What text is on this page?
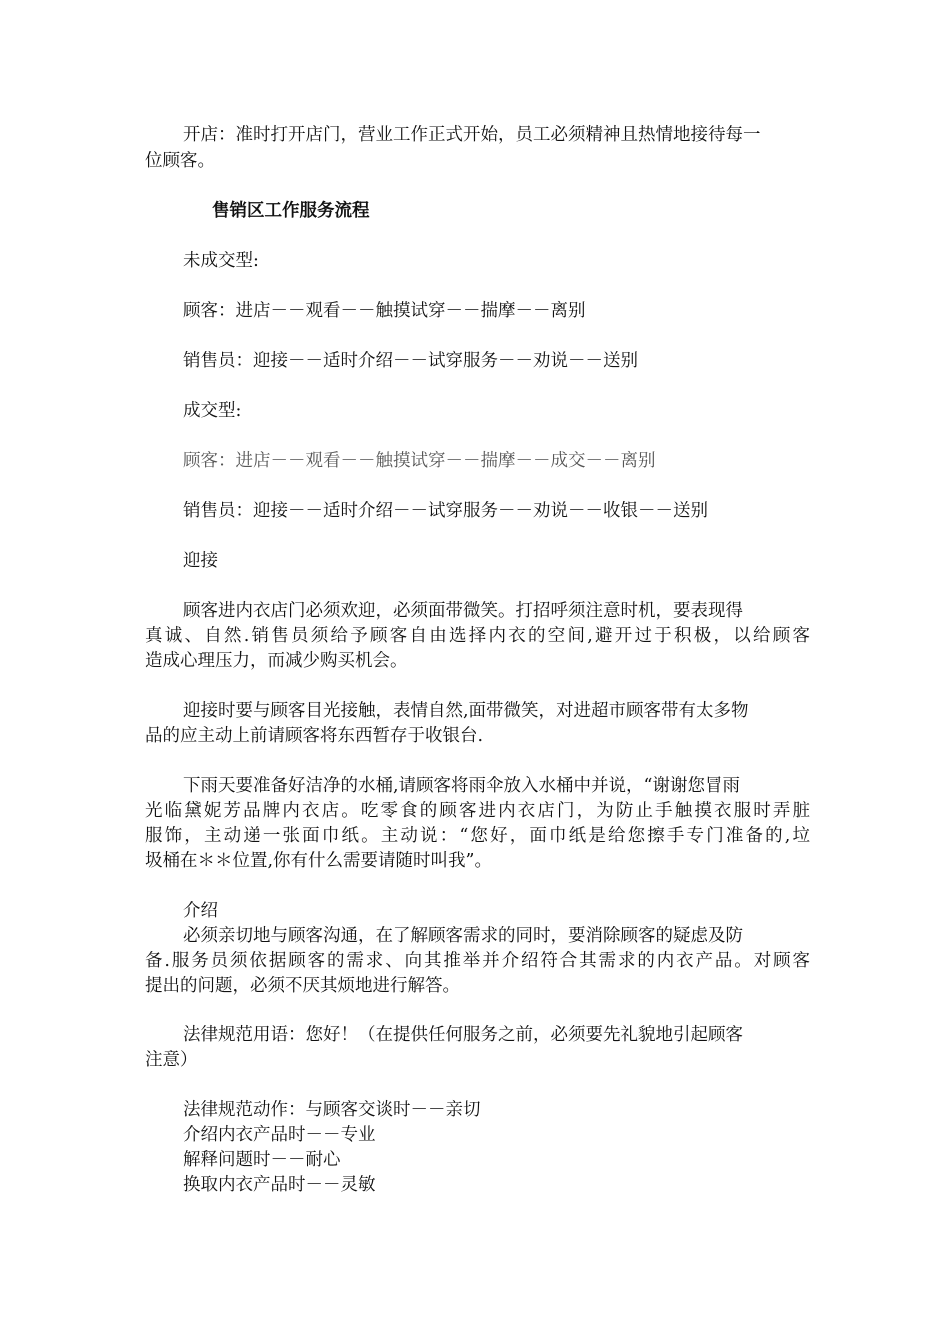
开店：准时打开店门，营业工作正式开始，员工必须精神且热情地接待每一
位顾客。
售销区工作服务流程
未成交型:
顾客：进店－－观看－－触摸试穿－－揣摩－－离别
销售员：迎接－－适时介绍－－试穿服务－－劝说－－送别
成交型:
顾客：进店－－观看－－触摸试穿－－揣摩－－成交－－离别
销售员：迎接－－适时介绍－－试穿服务－－劝说－－收银－－送别
迎接
顾客进内衣店门必须欢迎，必须面带微笑。打招呼须注意时机，要表现得
真诚、自然.销售员须给予顾客自由选择内衣的空间,避开过于积极，以给顾客
造成心理压力，而减少购买机会。
迎接时要与顾客目光接触，表情自然,面带微笑，对进超市顾客带有太多物
品的应主动上前请顾客将东西暂存于收银台.
下雨天要准备好洁净的水桶,请顾客将雨伞放入水桶中并说，“谢谢您冒雨
光临黛妮芳品牌内衣店。吃零食的顾客进内衣店门，为防止手触摸衣服时弄脏
服饰，主动递一张面巾纸。主动说：“您好，面巾纸是给您擦手专门准备的,垃
圾桶在＊＊位置,你有什么需要请随时叫我”。
介绍
必须亲切地与顾客沟通，在了解顾客需求的同时，要消除顾客的疑虑及防
备.服务员须依据顾客的需求、向其推举并介绍符合其需求的内衣产品。对顾客
提出的问题，必须不厌其烦地进行解答。
法律规范用语：您好！（在提供任何服务之前，必须要先礼貌地引起顾客
注意）
法律规范动作：与顾客交谈时－－亲切
介绍内衣产品时－－专业
解释问题时－－耐心
换取内衣产品时－－灵敏
